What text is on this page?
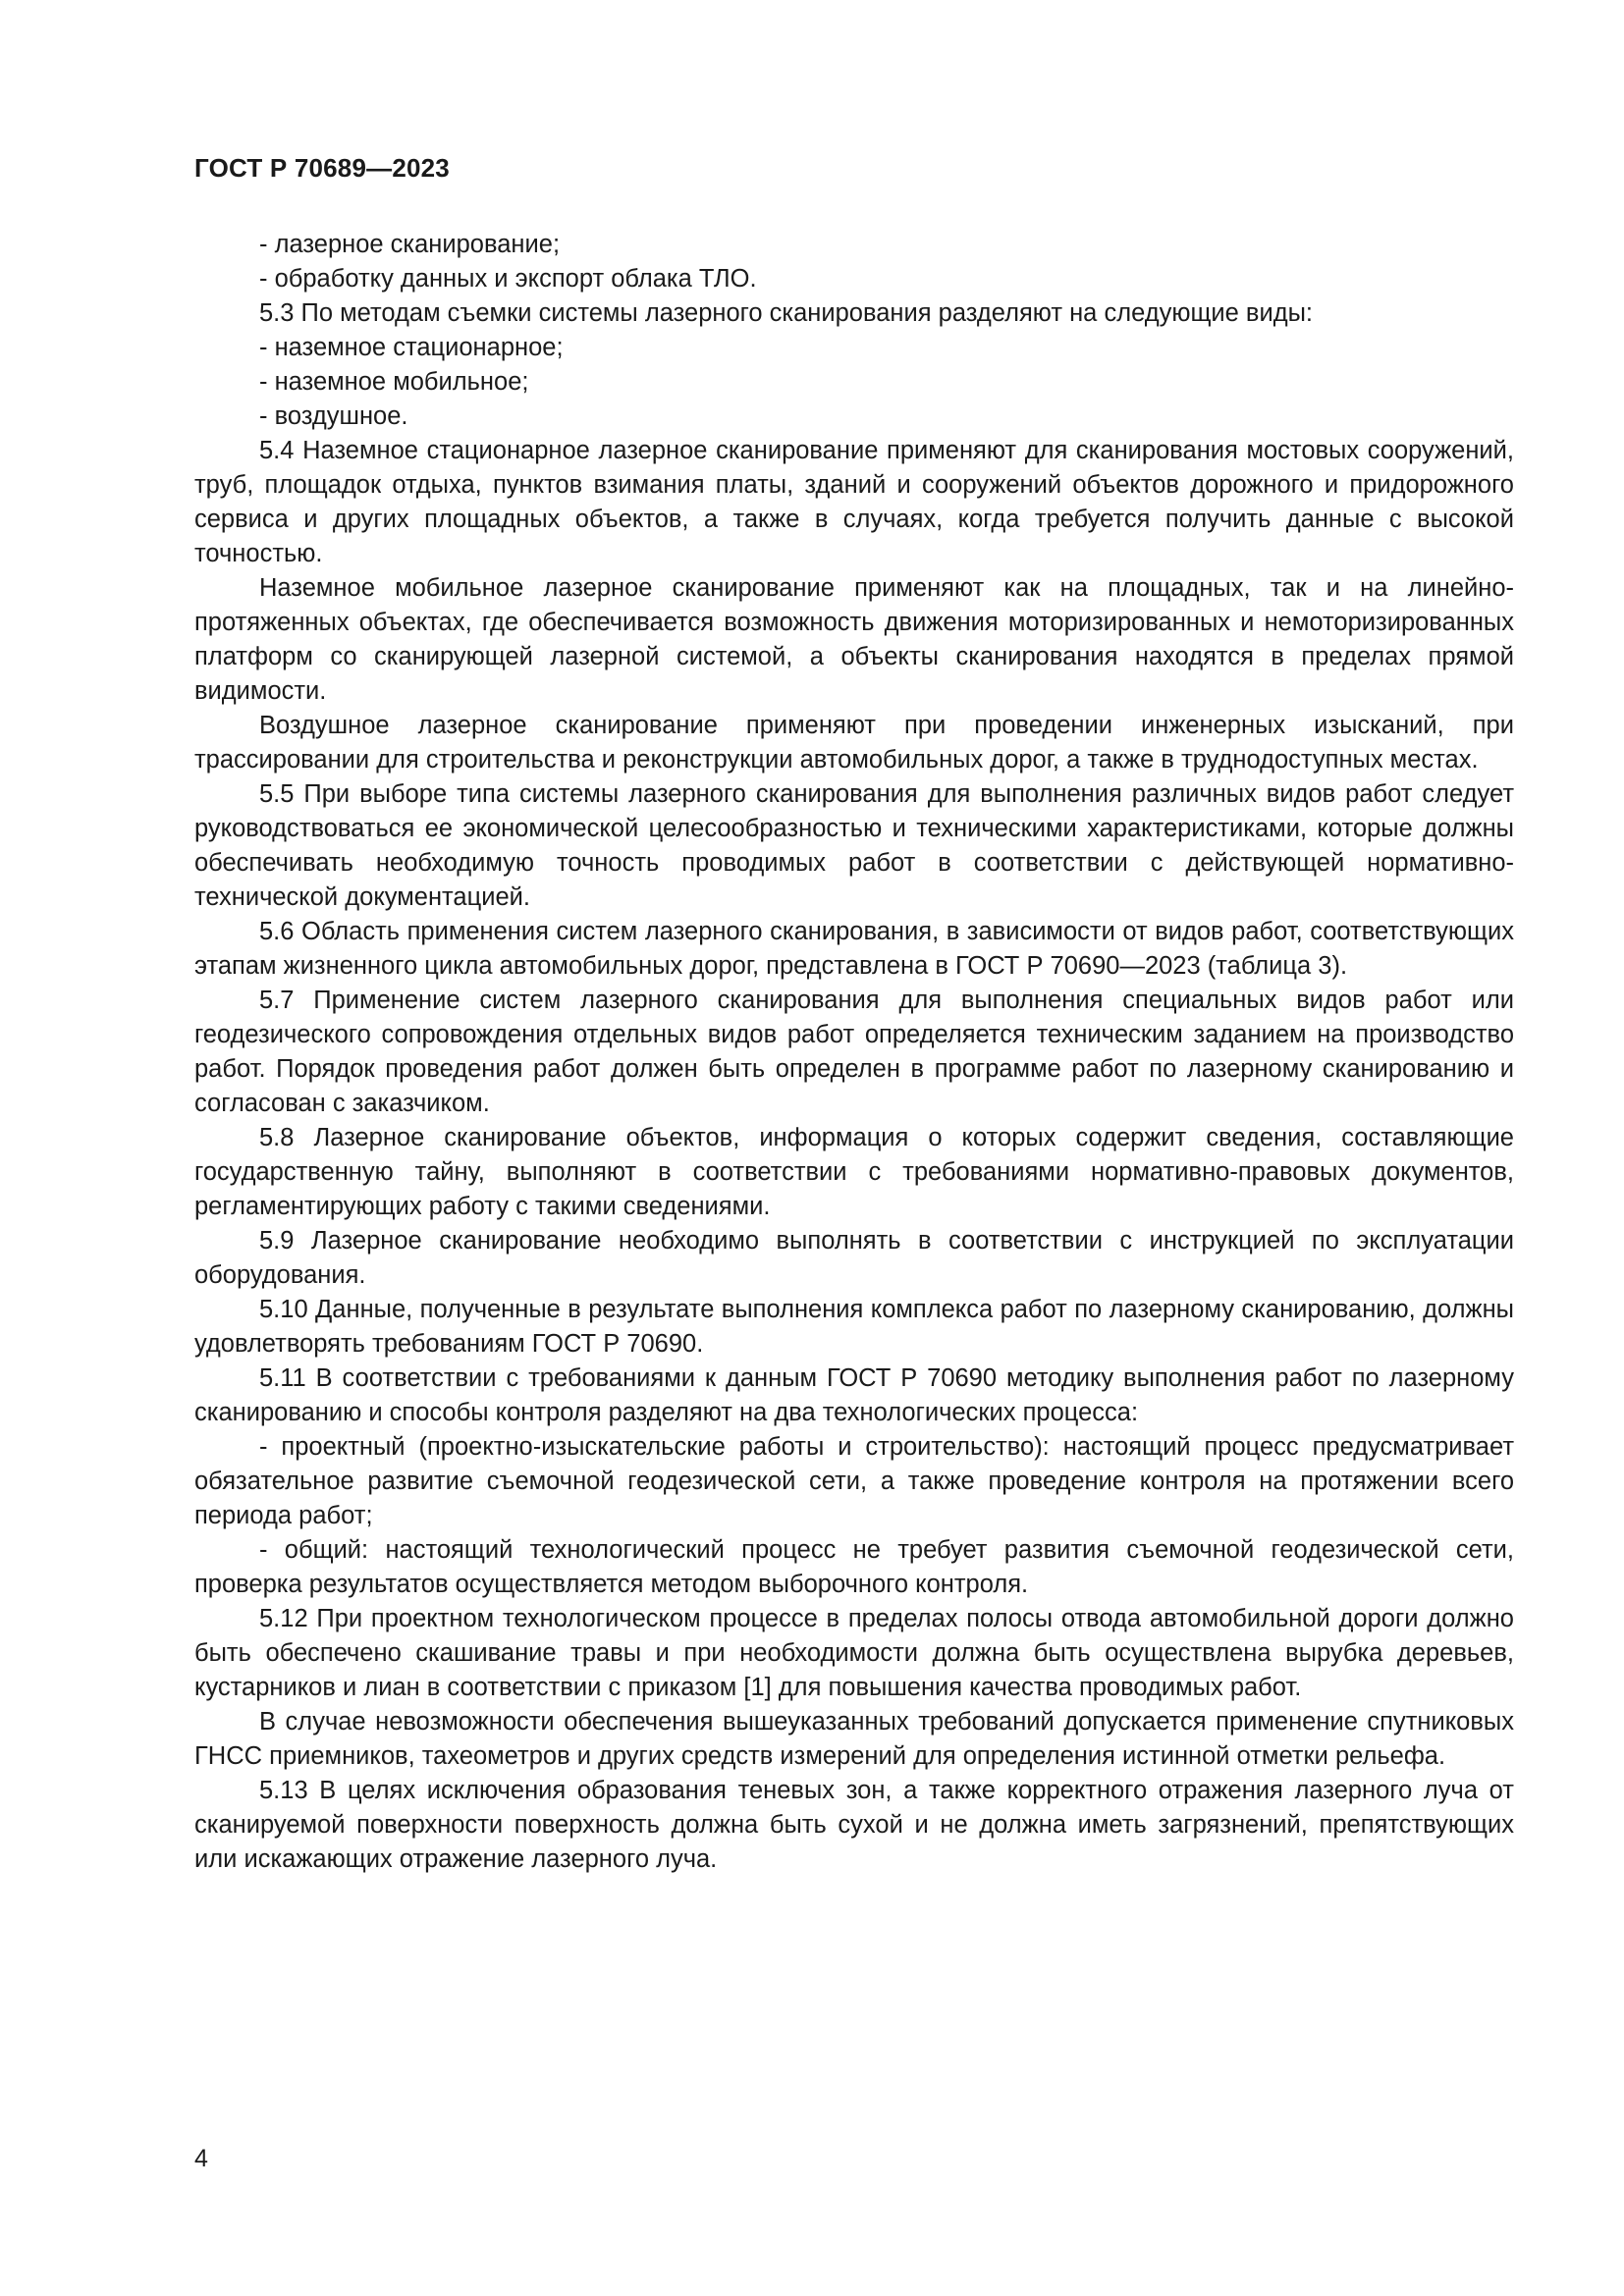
ГОСТ Р 70689—2023

- лазерное сканирование;

- обработку данных и экспорт облака ТЛО.

5.3 По методам съемки системы лазерного сканирования разделяют на следующие виды:

- наземное стационарное;

- наземное мобильное;

- воздушное.

5.4 Наземное стационарное лазерное сканирование применяют для сканирования мостовых сооружений, труб, площадок отдыха, пунктов взимания платы, зданий и сооружений объектов дорожного и придорожного сервиса и других площадных объектов, а также в случаях, когда требуется получить данные с высокой точностью.

Наземное мобильное лазерное сканирование применяют как на площадных, так и на линейно-протяженных объектах, где обеспечивается возможность движения моторизированных и немоторизированных платформ со сканирующей лазерной системой, а объекты сканирования находятся в пределах прямой видимости.

Воздушное лазерное сканирование применяют при проведении инженерных изысканий, при трассировании для строительства и реконструкции автомобильных дорог, а также в труднодоступных местах.

5.5 При выборе типа системы лазерного сканирования для выполнения различных видов работ следует руководствоваться ее экономической целесообразностью и техническими характеристиками, которые должны обеспечивать необходимую точность проводимых работ в соответствии с действующей нормативно-технической документацией.

5.6 Область применения систем лазерного сканирования, в зависимости от видов работ, соответствующих этапам жизненного цикла автомобильных дорог, представлена в ГОСТ Р 70690—2023 (таблица 3).

5.7 Применение систем лазерного сканирования для выполнения специальных видов работ или геодезического сопровождения отдельных видов работ определяется техническим заданием на производство работ. Порядок проведения работ должен быть определен в программе работ по лазерному сканированию и согласован с заказчиком.

5.8 Лазерное сканирование объектов, информация о которых содержит сведения, составляющие государственную тайну, выполняют в соответствии с требованиями нормативно-правовых документов, регламентирующих работу с такими сведениями.

5.9 Лазерное сканирование необходимо выполнять в соответствии с инструкцией по эксплуатации оборудования.

5.10 Данные, полученные в результате выполнения комплекса работ по лазерному сканированию, должны удовлетворять требованиям ГОСТ Р 70690.

5.11 В соответствии с требованиями к данным ГОСТ Р 70690 методику выполнения работ по лазерному сканированию и способы контроля разделяют на два технологических процесса:

- проектный (проектно-изыскательские работы и строительство): настоящий процесс предусматривает обязательное развитие съемочной геодезической сети, а также проведение контроля на протяжении всего периода работ;

- общий: настоящий технологический процесс не требует развития съемочной геодезической сети, проверка результатов осуществляется методом выборочного контроля.

5.12 При проектном технологическом процессе в пределах полосы отвода автомобильной дороги должно быть обеспечено скашивание травы и при необходимости должна быть осуществлена вырубка деревьев, кустарников и лиан в соответствии с приказом [1] для повышения качества проводимых работ.

В случае невозможности обеспечения вышеуказанных требований допускается применение спутниковых ГНСС приемников, тахеометров и других средств измерений для определения истинной отметки рельефа.

5.13 В целях исключения образования теневых зон, а также корректного отражения лазерного луча от сканируемой поверхности поверхность должна быть сухой и не должна иметь загрязнений, препятствующих или искажающих отражение лазерного луча.

4
